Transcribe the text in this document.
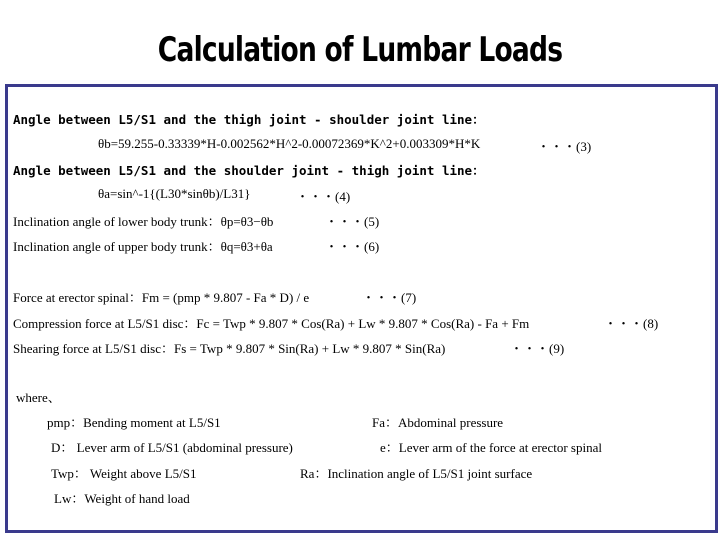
Calculation of Lumbar Loads
Angle between L5/S1 and the thigh joint - shoulder joint line：
θb=59.255-0.33339*H-0.002562*H^2-0.00072369*K^2+0.003309*H*K	・・・(3)
Angle between L5/S1 and the shoulder joint - thigh joint line：
θa=sin^-1{(L30*sinθb)/L31}	・・・(4)
Inclination angle of lower body trunk：θp=θ3−θb	・・・(5)
Inclination angle of upper body trunk：θq=θ3+θa	・・・(6)
Force at erector spinal：Fm = (pmp * 9.807 - Fa * D) / e	・・・(7)
Compression force at L5/S1 disc：Fc = Twp * 9.807 * Cos(Ra) + Lw * 9.807 * Cos(Ra) - Fa + Fm	・・・(8)
Shearing force at L5/S1 disc：Fs = Twp * 9.807 * Sin(Ra) + Lw * 9.807 * Sin(Ra)	・・・(9)
where、
pmp：Bending moment at L5/S1	Fa：Abdominal pressure
D： Lever arm of L5/S1 (abdominal pressure)	e：Lever arm of the force at erector spinal
Twp： Weight above L5/S1	Ra：Inclination angle of L5/S1 joint surface
Lw：Weight of hand load
